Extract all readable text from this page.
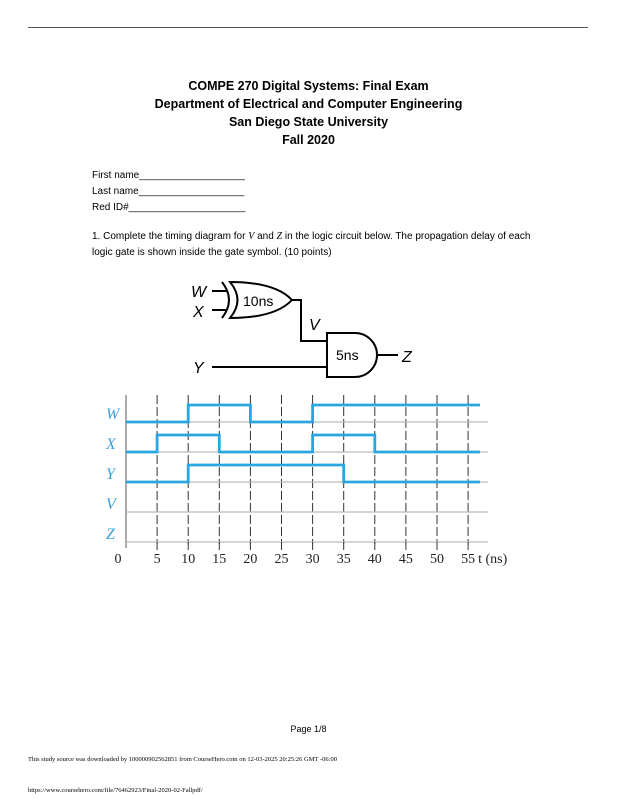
COMPE 270 Digital Systems: Final Exam
Department of Electrical and Computer Engineering
San Diego State University
Fall 2020
First name___________________
Last name___________________
Red ID#_____________________
1. Complete the timing diagram for V and Z in the logic circuit below. The propagation delay of each logic gate is shown inside the gate symbol. (10 points)
W
X
V
Y
Z
10ns
5ns
W
X
Y
V
Z
0 5 10 15 20 25 30 35 40 45 50 55 t (ns)
Page 1/8
This study source was downloaded by 100000902562851 from CourseHero.com on 12-03-2025 20:25:26 GMT -06:00
https://www.coursehero.com/file/76462923/Final-2020-02-Fallpdf/
